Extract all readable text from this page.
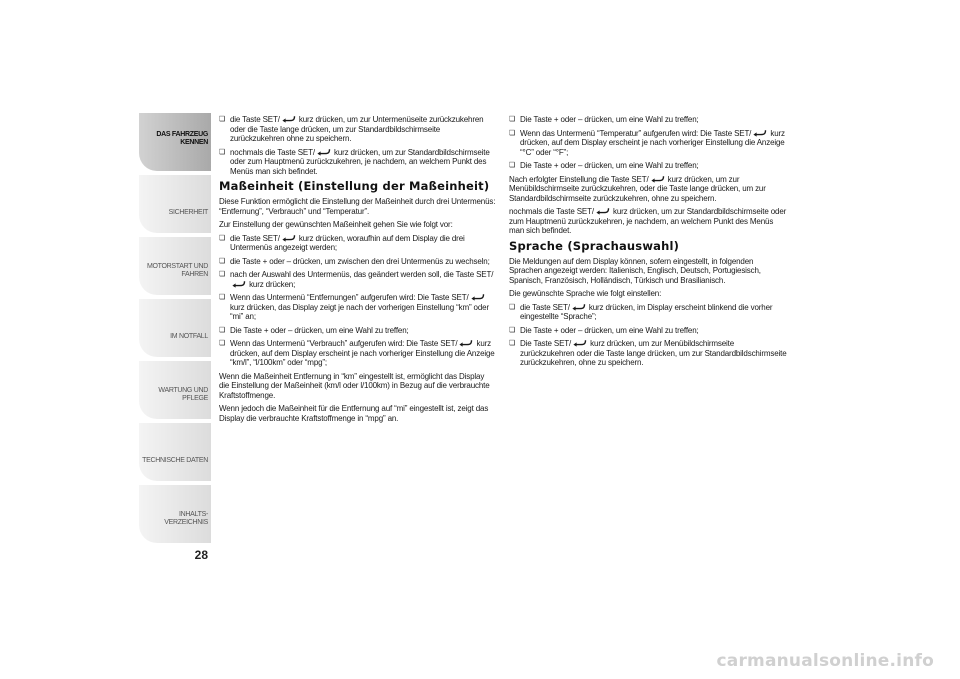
DAS FAHRZEUG KENNEN
SICHERHEIT
MOTORSTART UND FAHREN
IM NOTFALL
WARTUNG UND PFLEGE
TECHNISCHE DATEN
INHALTS-VERZEICHNIS
28
❏ die Taste SET/
kurz drücken, um zur Untermenüseite zurückzukehren oder die Taste lange drücken, um zur Standardbildschirmseite zurückzukehren ohne zu speichern.
❏ nochmals die Taste SET/
kurz drücken, um zur Standardbildschirmseite oder zum Hauptmenü zurückzukehren, je nachdem, an welchem Punkt des Menüs man sich befindet.
Maßeinheit (Einstellung der Maßeinheit)

Diese Funktion ermöglicht die Einstellung der Maßeinheit durch drei Untermenüs: “Entfernung”, “Verbrauch” und “Temperatur”.

Zur Einstellung der gewünschten Maßeinheit gehen Sie wie folgt vor:

❏ die Taste SET/
kurz drücken, woraufhin auf dem Display die drei Untermenüs angezeigt werden;
❏ die Taste + oder – drücken, um zwischen den drei Untermenüs zu wechseln;
❏ nach der Auswahl des Untermenüs, das geändert werden soll, die Taste SET/
kurz drücken;
❏ Wenn das Untermenü “Entfernungen” aufgerufen wird: Die Taste SET/
kurz drücken, das Display zeigt je nach der vorherigen Einstellung “km” oder “mi” an;
❏ Die Taste + oder – drücken, um eine Wahl zu treffen;
❏ Wenn das Untermenü “Verbrauch” aufgerufen wird: Die Taste SET/
kurz drücken, auf dem Display erscheint je nach vorheriger Einstellung die Anzeige “km/l”, “l/100km” oder “mpg”;

Wenn die Maßeinheit Entfernung in “km” eingestellt ist, ermöglicht das Display die Einstellung der Maßeinheit (km/l oder l/100km) in Bezug auf die verbrauchte Kraftstoffmenge.

Wenn jedoch die Maßeinheit für die Entfernung auf “mi” eingestellt ist, zeigt das Display die verbrauchte Kraftstoffmenge in “mpg” an.

❏ Die Taste + oder – drücken, um eine Wahl zu treffen;
❏ Wenn das Untermenü “Temperatur” aufgerufen wird: Die Taste SET/
kurz drücken, auf dem Display erscheint je nach vorheriger Einstellung die Anzeige “°C” oder “°F”;
❏ Die Taste + oder – drücken, um eine Wahl zu treffen;

Nach erfolgter Einstellung die Taste SET/
kurz drücken, um zur Menübildschirmseite zurückzukehren, oder die Taste lange drücken, um zur Standardbildschirmseite zurückzukehren, ohne zu speichern.

nochmals die Taste SET/
kurz drücken, um zur Standardbildschirmseite oder zum Hauptmenü zurückzukehren, je nachdem, an welchem Punkt des Menüs man sich befindet.

Sprache (Sprachauswahl)

Die Meldungen auf dem Display können, sofern eingestellt, in folgenden Sprachen angezeigt werden: Italienisch, Englisch, Deutsch, Portugiesisch, Spanisch, Französisch, Holländisch, Türkisch und Brasilianisch.

Die gewünschte Sprache wie folgt einstellen:

❏ die Taste SET/
kurz drücken, im Display erscheint blinkend die vorher eingestellte “Sprache”;
❏ Die Taste + oder – drücken, um eine Wahl zu treffen;
❏ Die Taste SET/
kurz drücken, um zur Menübildschirmseite zurückzukehren oder die Taste lange drücken, um zur Standardbildschirmseite zurückzukehren, ohne zu speichern.
carmanualsonline.info
